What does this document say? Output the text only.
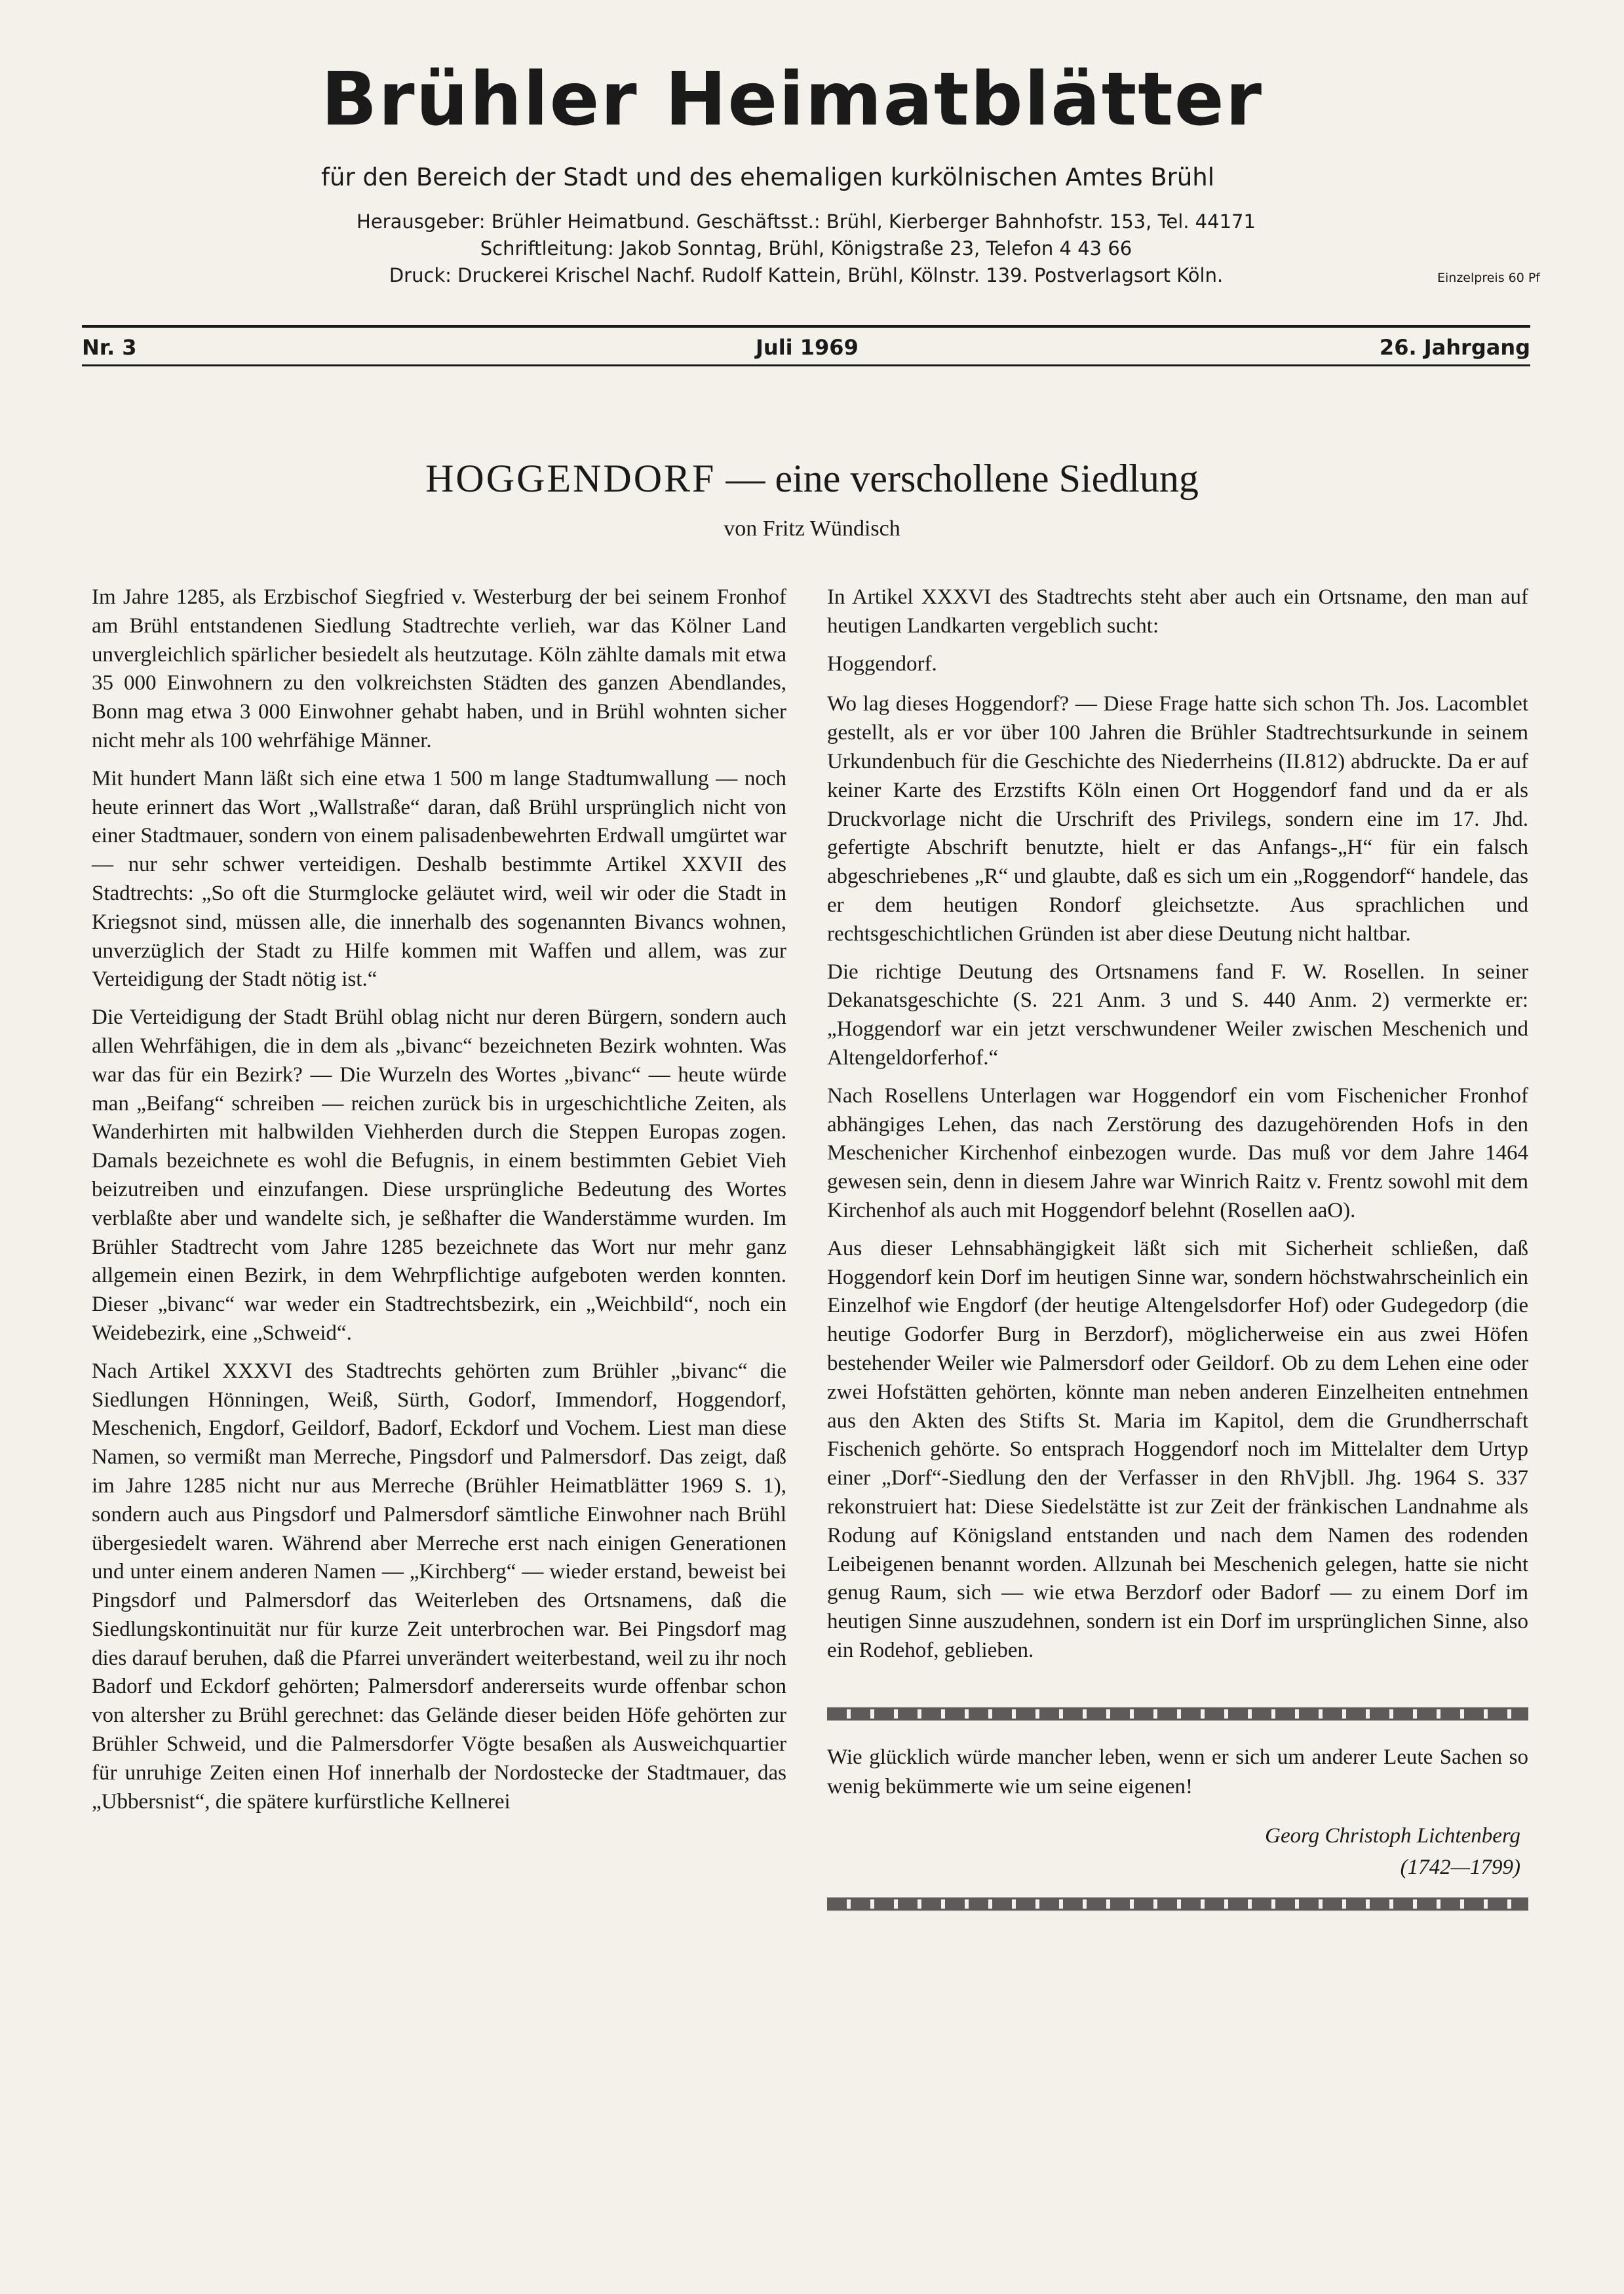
Brühler Heimatblätter
für den Bereich der Stadt und des ehemaligen kurkölnischen Amtes Brühl
Herausgeber: Brühler Heimatbund. Geschäftsst.: Brühl, Kierberger Bahnhofstr. 153, Tel. 44171
Schriftleitung: Jakob Sonntag, Brühl, Königstraße 23, Telefon 4 43 66
Druck: Druckerei Krischel Nachf. Rudolf Kattein, Brühl, Kölnstr. 139. Postverlagsort Köln.	Einzelpreis 60 Pf
Nr. 3	Juli 1969	26. Jahrgang
HOGGENDORF — eine verschollene Siedlung
von Fritz Wündisch

Im Jahre 1285, als Erzbischof Siegfried v. Westerburg der bei seinem Fronhof am Brühl entstandenen Siedlung Stadtrechte verlieh, war das Kölner Land unvergleichlich spärlicher besiedelt als heutzutage. Köln zählte damals mit etwa 35 000 Einwohnern zu den volkreichsten Städten des ganzen Abendlandes, Bonn mag etwa 3 000 Einwohner gehabt haben, und in Brühl wohnten sicher nicht mehr als 100 wehrfähige Männer.

Mit hundert Mann läßt sich eine etwa 1 500 m lange Stadtumwallung — noch heute erinnert das Wort „Wallstraße“ daran, daß Brühl ursprünglich nicht von einer Stadtmauer, sondern von einem palisadenbewehrten Erdwall umgürtet war — nur sehr schwer verteidigen. Deshalb bestimmte Artikel XXVII des Stadtrechts: „So oft die Sturmglocke geläutet wird, weil wir oder die Stadt in Kriegsnot sind, müssen alle, die innerhalb des sogenannten Bivancs wohnen, unverzüglich der Stadt zu Hilfe kommen mit Waffen und allem, was zur Verteidigung der Stadt nötig ist.“

Die Verteidigung der Stadt Brühl oblag nicht nur deren Bürgern, sondern auch allen Wehrfähigen, die in dem als „bivanc“ bezeichneten Bezirk wohnten. Was war das für ein Bezirk? — Die Wurzeln des Wortes „bivanc“ — heute würde man „Beifang“ schreiben — reichen zurück bis in urgeschichtliche Zeiten, als Wanderhirten mit halbwilden Viehherden durch die Steppen Europas zogen. Damals bezeichnete es wohl die Befugnis, in einem bestimmten Gebiet Vieh beizutreiben und einzufangen. Diese ursprüngliche Bedeutung des Wortes verblaßte aber und wandelte sich, je seßhafter die Wanderstämme wurden. Im Brühler Stadtrecht vom Jahre 1285 bezeichnete das Wort nur mehr ganz allgemein einen Bezirk, in dem Wehrpflichtige aufgeboten werden konnten. Dieser „bivanc“ war weder ein Stadtrechtsbezirk, ein „Weichbild“, noch ein Weidebezirk, eine „Schweid“.

Nach Artikel XXXVI des Stadtrechts gehörten zum Brühler „bivanc“ die Siedlungen Hönningen, Weiß, Sürth, Godorf, Immendorf, Hoggendorf, Meschenich, Engdorf, Geildorf, Badorf, Eckdorf und Vochem. Liest man diese Namen, so vermißt man Merreche, Pingsdorf und Palmersdorf. Das zeigt, daß im Jahre 1285 nicht nur aus Merreche (Brühler Heimatblätter 1969 S. 1), sondern auch aus Pingsdorf und Palmersdorf sämtliche Einwohner nach Brühl übergesiedelt waren. Während aber Merreche erst nach einigen Generationen und unter einem anderen Namen — „Kirchberg“ — wieder erstand, beweist bei Pingsdorf und Palmersdorf das Weiterleben des Ortsnamens, daß die Siedlungskontinuität nur für kurze Zeit unterbrochen war. Bei Pingsdorf mag dies darauf beruhen, daß die Pfarrei unverändert weiterbestand, weil zu ihr noch Badorf und Eckdorf gehörten; Palmersdorf andererseits wurde offenbar schon von altersher zu Brühl gerechnet: das Gelände dieser beiden Höfe gehörten zur Brühler Schweid, und die Palmersdorfer Vögte besaßen als Ausweichquartier für unruhige Zeiten einen Hof innerhalb der Nordostecke der Stadtmauer, das „Ubbersnist“, die spätere kurfürstliche Kellnerei

In Artikel XXXVI des Stadtrechts steht aber auch ein Ortsname, den man auf heutigen Landkarten vergeblich sucht:

Hoggendorf.

Wo lag dieses Hoggendorf? — Diese Frage hatte sich schon Th. Jos. Lacomblet gestellt, als er vor über 100 Jahren die Brühler Stadtrechtsurkunde in seinem Urkundenbuch für die Geschichte des Niederrheins (II.812) abdruckte. Da er auf keiner Karte des Erzstifts Köln einen Ort Hoggendorf fand und da er als Druckvorlage nicht die Urschrift des Privilegs, sondern eine im 17. Jhd. gefertigte Abschrift benutzte, hielt er das Anfangs-„H“ für ein falsch abgeschriebenes „R“ und glaubte, daß es sich um ein „Roggendorf“ handele, das er dem heutigen Rondorf gleichsetzte. Aus sprachlichen und rechtsgeschichtlichen Gründen ist aber diese Deutung nicht haltbar.

Die richtige Deutung des Ortsnamens fand F. W. Rosellen. In seiner Dekanatsgeschichte (S. 221 Anm. 3 und S. 440 Anm. 2) vermerkte er: „Hoggendorf war ein jetzt verschwundener Weiler zwischen Meschenich und Altengeldorferhof.“

Nach Rosellens Unterlagen war Hoggendorf ein vom Fischenicher Fronhof abhängiges Lehen, das nach Zerstörung des dazugehörenden Hofs in den Meschenicher Kirchenhof einbezogen wurde. Das muß vor dem Jahre 1464 gewesen sein, denn in diesem Jahre war Winrich Raitz v. Frentz sowohl mit dem Kirchenhof als auch mit Hoggendorf belehnt (Rosellen aaO).

Aus dieser Lehnsabhängigkeit läßt sich mit Sicherheit schließen, daß Hoggendorf kein Dorf im heutigen Sinne war, sondern höchstwahrscheinlich ein Einzelhof wie Engdorf (der heutige Altengelsdorfer Hof) oder Gudegedorp (die heutige Godorfer Burg in Berzdorf), möglicherweise ein aus zwei Höfen bestehender Weiler wie Palmersdorf oder Geildorf. Ob zu dem Lehen eine oder zwei Hofstätten gehörten, könnte man neben anderen Einzelheiten entnehmen aus den Akten des Stifts St. Maria im Kapitol, dem die Grundherrschaft Fischenich gehörte. So entsprach Hoggendorf noch im Mittelalter dem Urtyp einer „Dorf“-Siedlung den der Verfasser in den RhVjbll. Jhg. 1964 S. 337 rekonstruiert hat: Diese Siedelstätte ist zur Zeit der fränkischen Landnahme als Rodung auf Königsland entstanden und nach dem Namen des rodenden Leibeigenen benannt worden. Allzunah bei Meschenich gelegen, hatte sie nicht genug Raum, sich — wie etwa Berzdorf oder Badorf — zu einem Dorf im heutigen Sinne auszudehnen, sondern ist ein Dorf im ursprünglichen Sinne, also ein Rodehof, geblieben.

Wie glücklich würde mancher leben, wenn er sich um anderer Leute Sachen so wenig bekümmerte wie um seine eigenen!
Georg Christoph Lichtenberg
(1742—1799)
